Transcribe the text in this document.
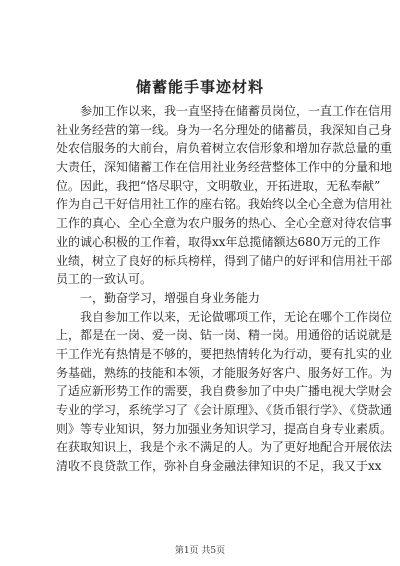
储蓄能手事迹材料
参加工作以来，我一直坚持在储蓄员岗位，一直工作在信用
社业务经营的第一线。身为一名分理处的储蓄员，我深知自己身
处农信服务的大前台，肩负着树立农信形象和增加存款总量的重
大责任，深知储蓄工作在信用社业务经营整体工作中的分量和地
位。因此，我把“恪尽职守，文明敬业，开拓进取，无私奉献”
作为自己干好信用社工作的座右铭。我始终以全心全意为信用社
工作的真心、全心全意为农户服务的热心、全心全意对待农信事
业的诚心积极的工作着，取得xx年总揽储额达680万元的工作
业绩，树立了良好的标兵榜样，得到了储户的好评和信用社干部
员工的一致认可。
一，勤奋学习，增强自身业务能力
我自参加工作以来，无论做哪项工作，无论在哪个工作岗位
上，都是在一岗、爱一岗、钻一岗、精一岗。用通俗的话说就是
干工作光有热情是不够的，要把热情转化为行动，要有扎实的业
务基础，熟练的技能和本领，才能服务好客户、服务好工作。为
了适应新形势工作的需要，我自费参加了中央广播电视大学财会
专业的学习，系统学习了《会计原理》、《货币银行学》、《贷款通
则》等专业知识，努力加强业务知识学习，提高自身专业素质。
在获取知识上，我是个永不满足的人。为了更好地配合开展依法
清收不良贷款工作，弥补自身金融法律知识的不足，我又于xx
第1页 共5页
